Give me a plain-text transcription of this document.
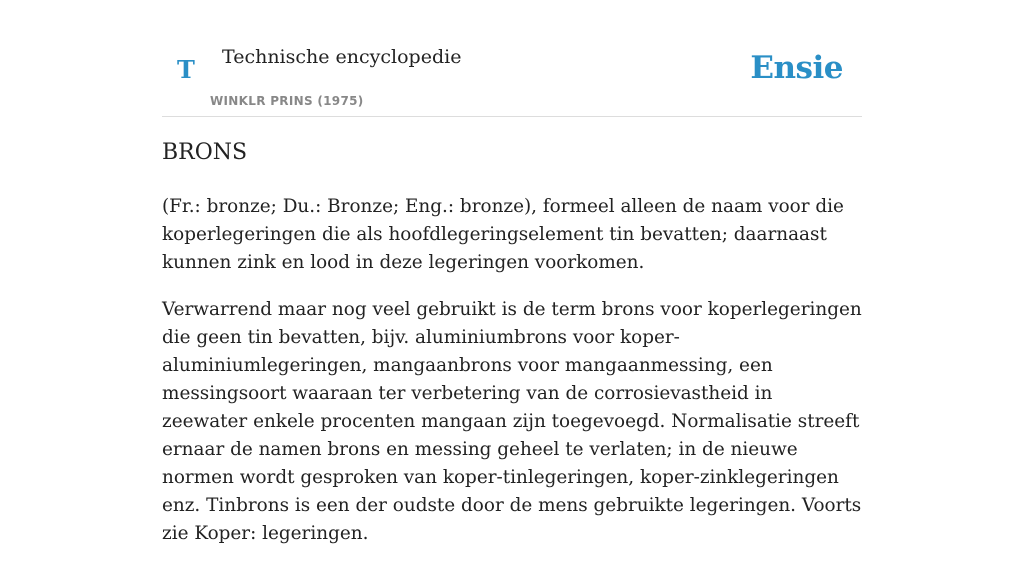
T Technische encyclopedie
WINKLR PRINS (1975)
Ensie
BRONS

(Fr.: bronze; Du.: Bronze; Eng.: bronze), formeel alleen de naam voor die koperlegeringen die als hoofdlegeringselement tin bevatten; daarnaast kunnen zink en lood in deze legeringen voorkomen.

Verwarrend maar nog veel gebruikt is de term brons voor koperlegeringen die geen tin bevatten, bijv. aluminiumbrons voor koper-aluminiumlegeringen, mangaanbrons voor mangaanmessing, een messingsoort waaraan ter verbetering van de corrosievastheid in zeewater enkele procenten mangaan zijn toegevoegd. Normalisatie streeft ernaar de namen brons en messing geheel te verlaten; in de nieuwe normen wordt gesproken van koper-tinlegeringen, koper-zinklegeringen enz. Tinbrons is een der oudste door de mens gebruikte legeringen. Voorts zie Koper: legeringen.
